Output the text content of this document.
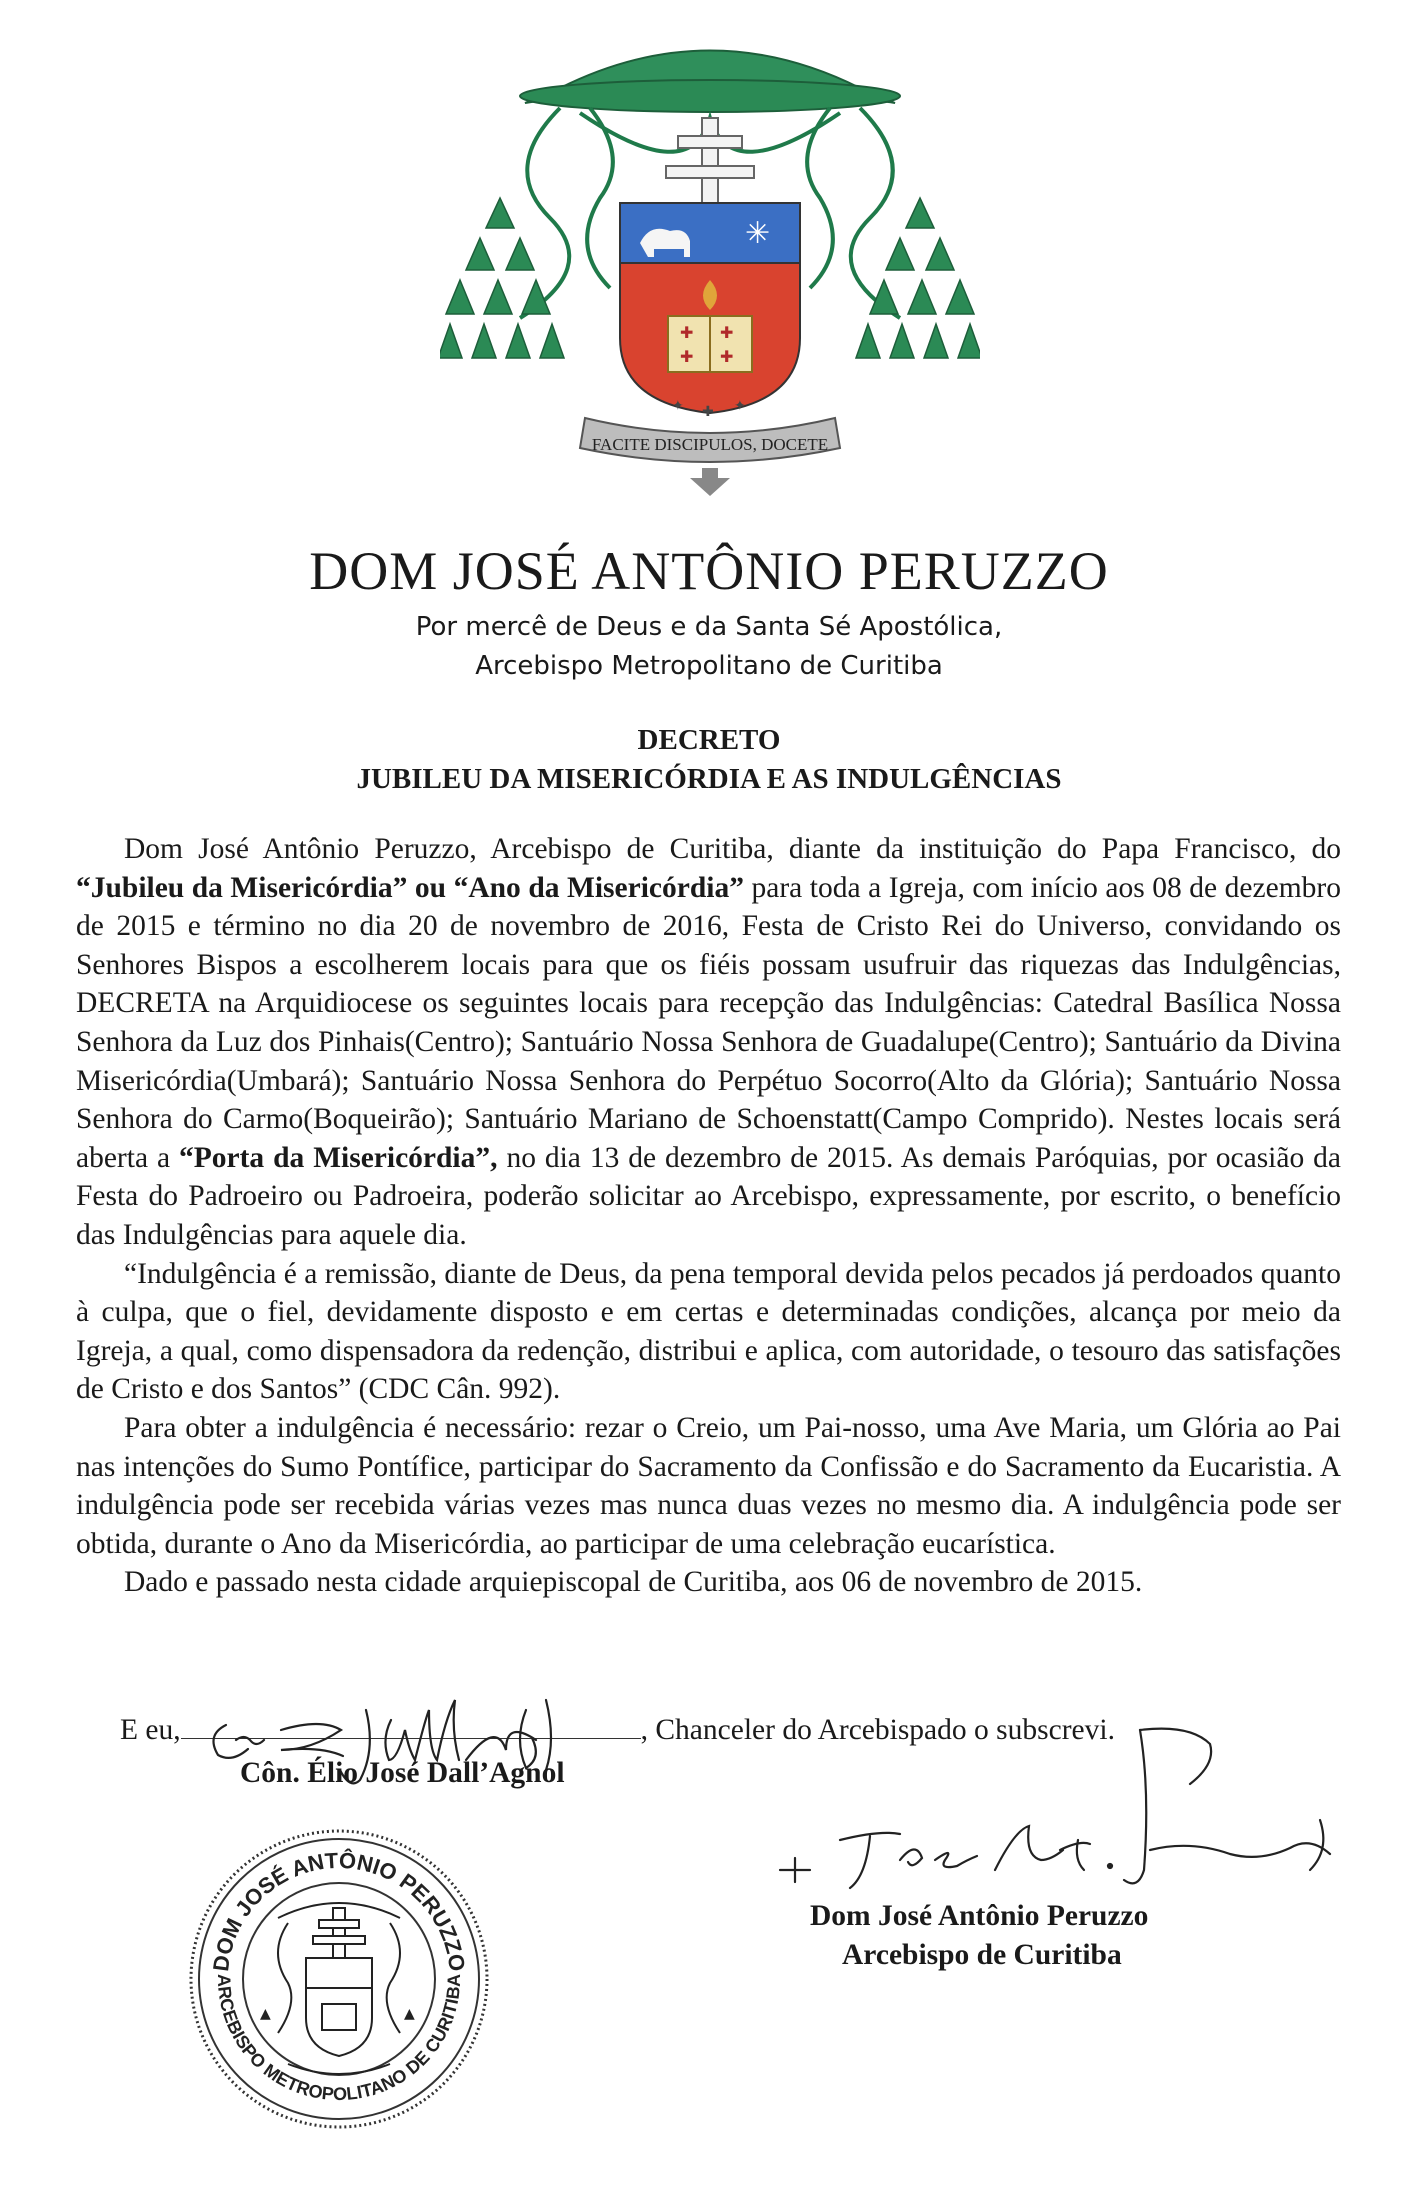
✳
✚ ✚
✚ ✚
✦ ✚ ✦
FACITE DISCIPULOS, DOCETE
DOM JOSÉ ANTÔNIO PERUZZO
Por mercê de Deus e da Santa Sé Apostólica,
Arcebispo Metropolitano de Curitiba
DECRETO
JUBILEU DA MISERICÓRDIA E AS INDULGÊNCIAS

Dom José Antônio Peruzzo, Arcebispo de Curitiba, diante da instituição do Papa Francisco, do “Jubileu da Misericórdia” ou “Ano da Misericórdia” para toda a Igreja, com início aos 08 de dezembro de 2015 e término no dia 20 de novembro de 2016, Festa de Cristo Rei do Universo, convidando os Senhores Bispos a escolherem locais para que os fiéis possam usufruir das riquezas das Indulgências, DECRETA na Arquidiocese os seguintes locais para recepção das Indulgências: Catedral Basílica Nossa Senhora da Luz dos Pinhais(Centro); Santuário Nossa Senhora de Guadalupe(Centro); Santuário da Divina Misericórdia(Umbará); Santuário Nossa Senhora do Perpétuo Socorro(Alto da Glória); Santuário Nossa Senhora do Carmo(Boqueirão); Santuário Mariano de Schoenstatt(Campo Comprido). Nestes locais será aberta a “Porta da Misericórdia”, no dia 13 de dezembro de 2015. As demais Paróquias, por ocasião da Festa do Padroeiro ou Padroeira, poderão solicitar ao Arcebispo, expressamente, por escrito, o benefício das Indulgências para aquele dia.

“Indulgência é a remissão, diante de Deus, da pena temporal devida pelos pecados já perdoados quanto à culpa, que o fiel, devidamente disposto e em certas e determinadas condições, alcança por meio da Igreja, a qual, como dispensadora da redenção, distribui e aplica, com autoridade, o tesouro das satisfações de Cristo e dos Santos” (CDC Cân. 992).

Para obter a indulgência é necessário: rezar o Creio, um Pai-nosso, uma Ave Maria, um Glória ao Pai nas intenções do Sumo Pontífice, participar do Sacramento da Confissão e do Sacramento da Eucaristia. A indulgência pode ser recebida várias vezes mas nunca duas vezes no mesmo dia. A indulgência pode ser obtida, durante o Ano da Misericórdia, ao participar de uma celebração eucarística.

Dado e passado nesta cidade arquiepiscopal de Curitiba, aos 06 de novembro de 2015.

E eu,	, Chanceler do Arcebispado o subscrevi.
Côn. Élio José Dall’Agnol
Dom José Antônio Peruzzo
Arcebispo de Curitiba
DOM JOSÉ ANTÔNIO PERUZZO
ARCEBISPO METROPOLITANO DE CURITIBA
▲	▲
